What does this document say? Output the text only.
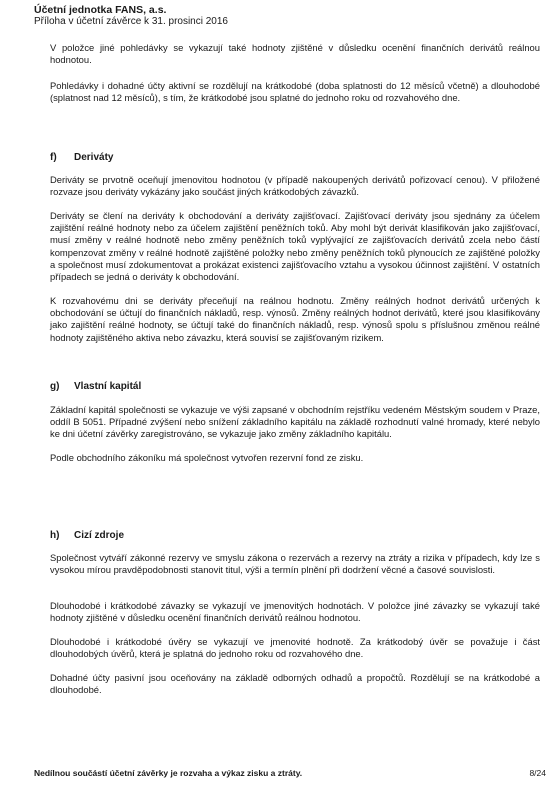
Účetní jednotka FANS, a.s.
Příloha v účetní závěrce k 31. prosinci 2016

V položce jiné pohledávky se vykazují také hodnoty zjištěné v důsledku ocenění finančních derivátů reálnou hodnotou.

Pohledávky i dohadné účty aktivní se rozdělují na krátkodobé (doba splatnosti do 12 měsíců včetně) a dlouhodobé (splatnost nad 12 měsíců), s tím, že krátkodobé jsou splatné do jednoho roku od rozvahového dne.

f) Deriváty

Deriváty se prvotně oceňují jmenovitou hodnotou (v případě nakoupených derivátů pořizovací cenou). V přiložené rozvaze jsou deriváty vykázány jako součást jiných krátkodobých závazků.

Deriváty se člení na deriváty k obchodování a deriváty zajišťovací. Zajišťovací deriváty jsou sjednány za účelem zajištění reálné hodnoty nebo za účelem zajištění peněžních toků. Aby mohl být derivát klasifikován jako zajišťovací, musí změny v reálné hodnotě nebo změny peněžních toků vyplývající ze zajišťovacích derivátů zcela nebo částí kompenzovat změny v reálné hodnotě zajištěné položky nebo změny peněžních toků plynoucích ze zajištěné položky a společnost musí zdokumentovat a prokázat existenci zajišťovacího vztahu a vysokou účinnost zajištění. V ostatních případech se jedná o deriváty k obchodování.

K rozvahovému dni se deriváty přeceňují na reálnou hodnotu. Změny reálných hodnot derivátů určených k obchodování se účtují do finančních nákladů, resp. výnosů. Změny reálných hodnot derivátů, které jsou klasifikovány jako zajištění reálné hodnoty, se účtují také do finančních nákladů, resp. výnosů spolu s příslušnou změnou reálné hodnoty zajištěného aktiva nebo závazku, která souvisí se zajišťovaným rizikem.

g) Vlastní kapitál

Základní kapitál společnosti se vykazuje ve výši zapsané v obchodním rejstříku vedeném Městským soudem v Praze, oddíl B 5051. Případné zvýšení nebo snížení základního kapitálu na základě rozhodnutí valné hromady, které nebylo ke dni účetní závěrky zaregistrováno, se vykazuje jako změny základního kapitálu.

Podle obchodního zákoníku má společnost vytvořen rezervní fond ze zisku.

h) Cizí zdroje

Společnost vytváří zákonné rezervy ve smyslu zákona o rezervách a rezervy na ztráty a rizika v případech, kdy lze s vysokou mírou pravděpodobnosti stanovit titul, výši a termín plnění při dodržení věcné a časové souvislosti.

Dlouhodobé i krátkodobé závazky se vykazují ve jmenovitých hodnotách. V položce jiné závazky se vykazují také hodnoty zjištěné v důsledku ocenění finančních derivátů reálnou hodnotou.

Dlouhodobé i krátkodobé úvěry se vykazují ve jmenovité hodnotě. Za krátkodobý úvěr se považuje i část dlouhodobých úvěrů, která je splatná do jednoho roku od rozvahového dne.

Dohadné účty pasivní jsou oceňovány na základě odborných odhadů a propočtů. Rozdělují se na krátkodobé a dlouhodobé.

Nedílnou součástí účetní závěrky je rozvaha a výkaz zisku a ztráty.	8/24
